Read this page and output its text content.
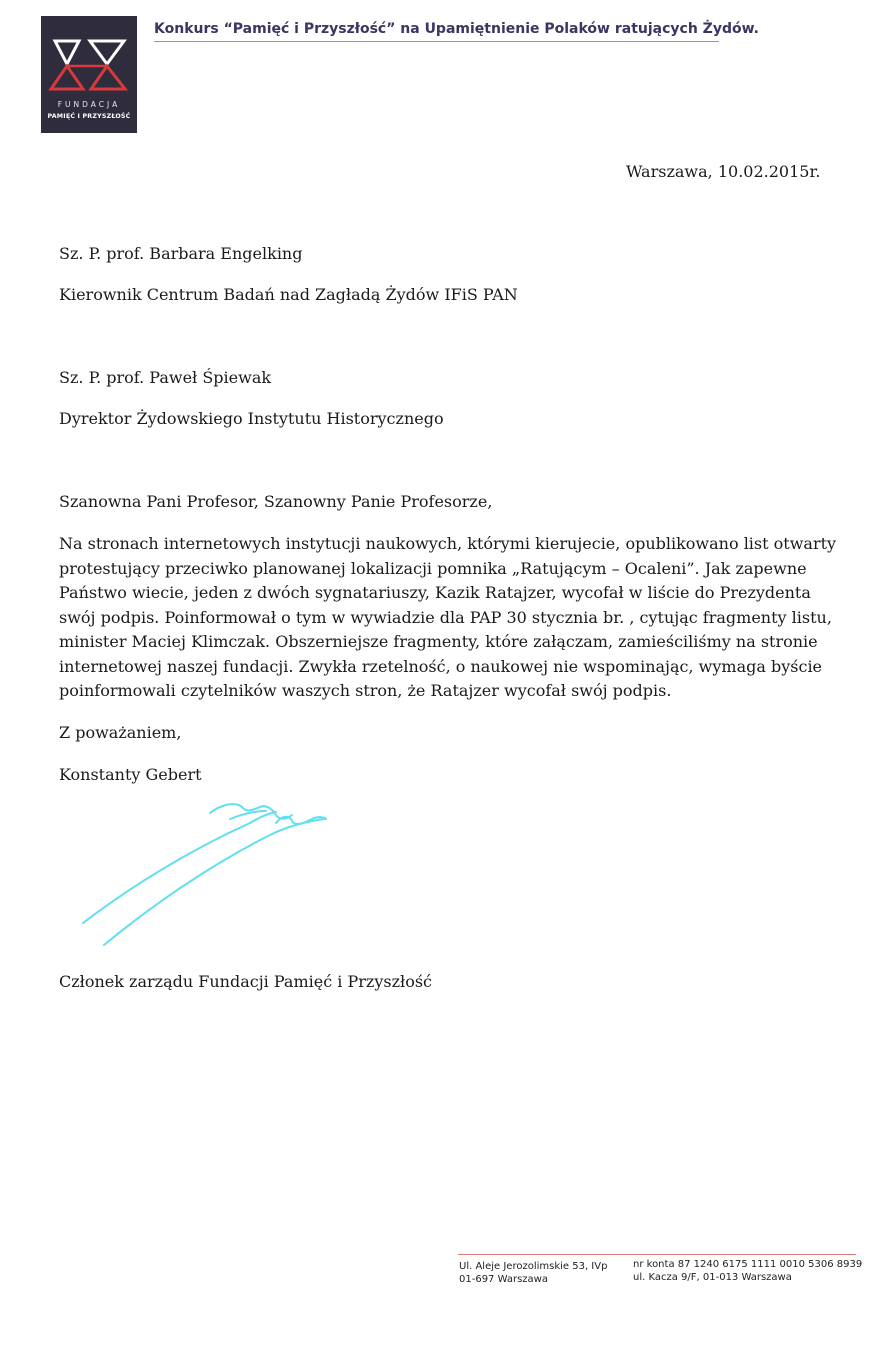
FUNDACJA
PAMIĘĆ I PRZYSZŁOŚĆ
Konkurs “Pamięć i Przyszłość” na Upamiętnienie Polaków ratujących Żydów.
Warszawa, 10.02.2015r.
Sz. P. prof. Barbara Engelking
Kierownik Centrum Badań nad Zagładą Żydów IFiS PAN
Sz. P. prof. Paweł Śpiewak
Dyrektor Żydowskiego Instytutu Historycznego
Szanowna Pani Profesor, Szanowny Panie Profesorze,
Na stronach internetowych instytucji naukowych, którymi kierujecie, opublikowano list otwarty
protestujący przeciwko planowanej lokalizacji pomnika „Ratującym – Ocaleni”. Jak zapewne
Państwo wiecie, jeden z dwóch sygnatariuszy, Kazik Ratajzer, wycofał w liście do Prezydenta
swój podpis. Poinformował o tym w wywiadzie dla PAP 30 stycznia br. , cytując fragmenty listu,
minister Maciej Klimczak. Obszerniejsze fragmenty, które załączam, zamieściliśmy na stronie
internetowej naszej fundacji. Zwykła rzetelność, o naukowej nie wspominając, wymaga byście
poinformowali czytelników waszych stron, że Ratajzer wycofał swój podpis.
Z poważaniem,
Konstanty Gebert
Członek zarządu Fundacji Pamięć i Przyszłość
Ul. Aleje Jerozolimskie 53, IVp
01-697 Warszawa
nr konta 87 1240 6175 1111 0010 5306 8939
ul. Kacza 9/F, 01-013 Warszawa
